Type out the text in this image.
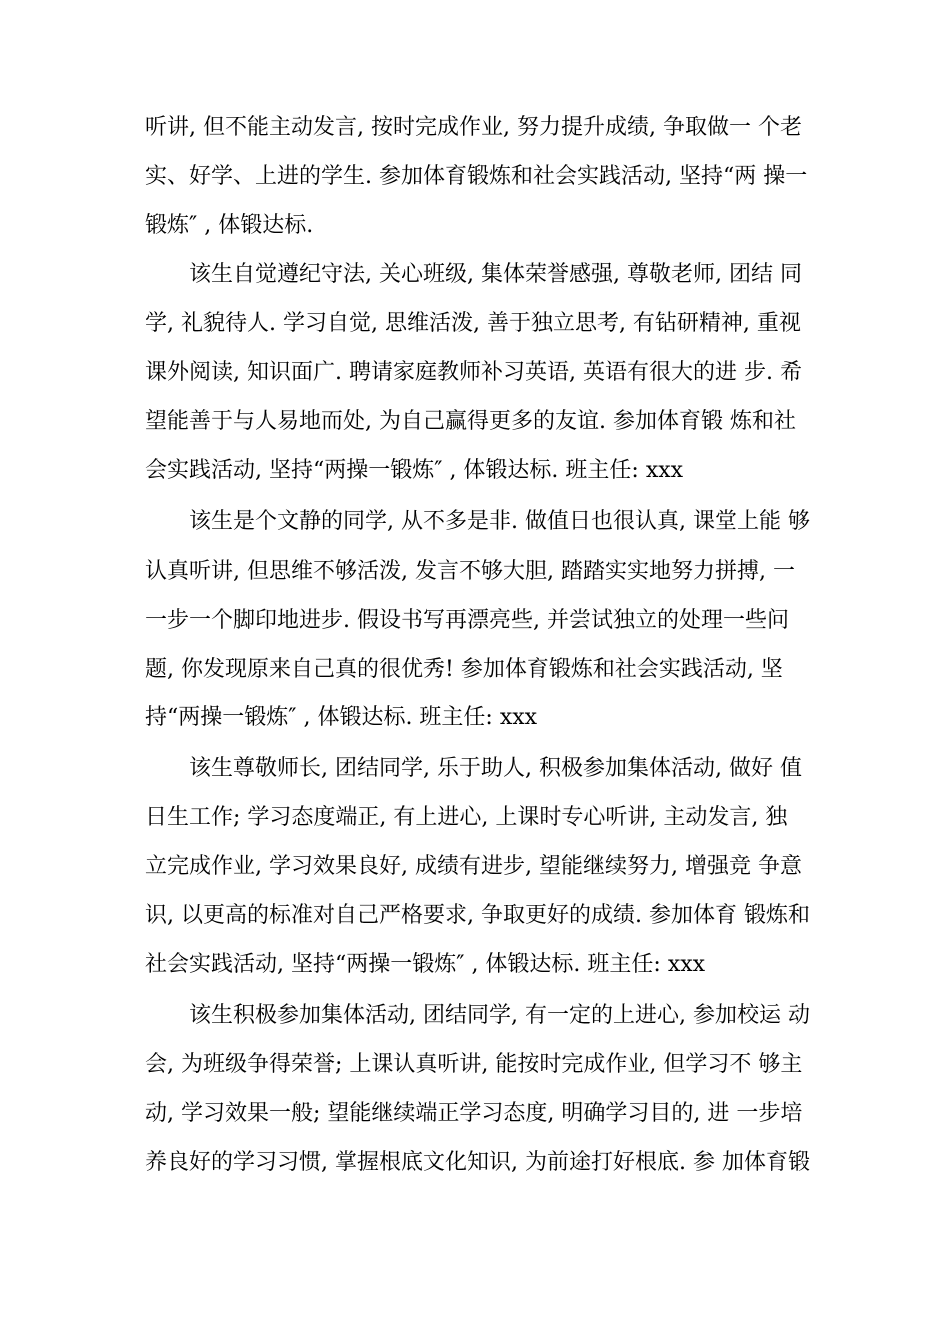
听讲, 但不能主动发言, 按时完成作业, 努力提升成绩, 争取做一 个老
实、好学、上进的学生. 参加体育锻炼和社会实践活动, 坚持“两 操一
锻炼″ , 体锻达标.
该生自觉遵纪守法, 关心班级, 集体荣誉感强, 尊敬老师, 团结 同
学, 礼貌待人. 学习自觉, 思维活泼, 善于独立思考, 有钻研精神, 重视
课外阅读, 知识面广. 聘请家庭教师补习英语, 英语有很大的进 步. 希
望能善于与人易地而处, 为自己赢得更多的友谊. 参加体育锻 炼和社
会实践活动, 坚持“两操一锻炼″ , 体锻达标. 班主任: xxx
该生是个文静的同学, 从不多是非. 做值日也很认真, 课堂上能 够
认真听讲, 但思维不够活泼, 发言不够大胆, 踏踏实实地努力拼搏, 一
一步一个脚印地进步. 假设书写再漂亮些, 并尝试独立的处理一些问
题, 你发现原来自己真的很优秀! 参加体育锻炼和社会实践活动, 坚
持“两操一锻炼″ , 体锻达标. 班主任: xxx
该生尊敬师长, 团结同学, 乐于助人, 积极参加集体活动, 做好 值
日生工作; 学习态度端正, 有上进心, 上课时专心听讲, 主动发言, 独
立完成作业, 学习效果良好, 成绩有进步, 望能继续努力, 增强竞 争意
识, 以更高的标准对自己严格要求, 争取更好的成绩. 参加体育 锻炼和
社会实践活动, 坚持“两操一锻炼″ , 体锻达标. 班主任: xxx
该生积极参加集体活动, 团结同学, 有一定的上进心, 参加校运 动
会, 为班级争得荣誉; 上课认真听讲, 能按时完成作业, 但学习不 够主
动, 学习效果一般; 望能继续端正学习态度, 明确学习目的, 进 一步培
养良好的学习习惯, 掌握根底文化知识, 为前途打好根底. 参 加体育锻
